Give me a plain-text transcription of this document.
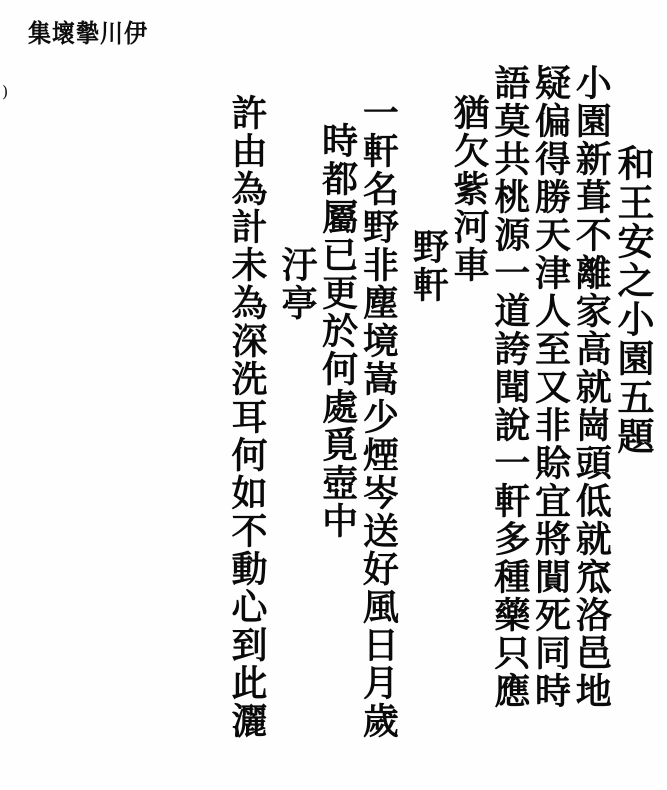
集壞摰川伊
)
和王安之小園五題
小園新葺不離家高就崗頭低就窊洛邑地
疑偏得勝天津人至又非賒宜將閴死同時
語莫共桃源一道誇聞說一軒多種藥只應
猶欠紫河車
野軒
一軒名野非塵境嵩少煙岑送好風日月歲
時都屬已更於何處覓壺中
汙亭
許由為計未為深洗耳何如不動心到此灑
